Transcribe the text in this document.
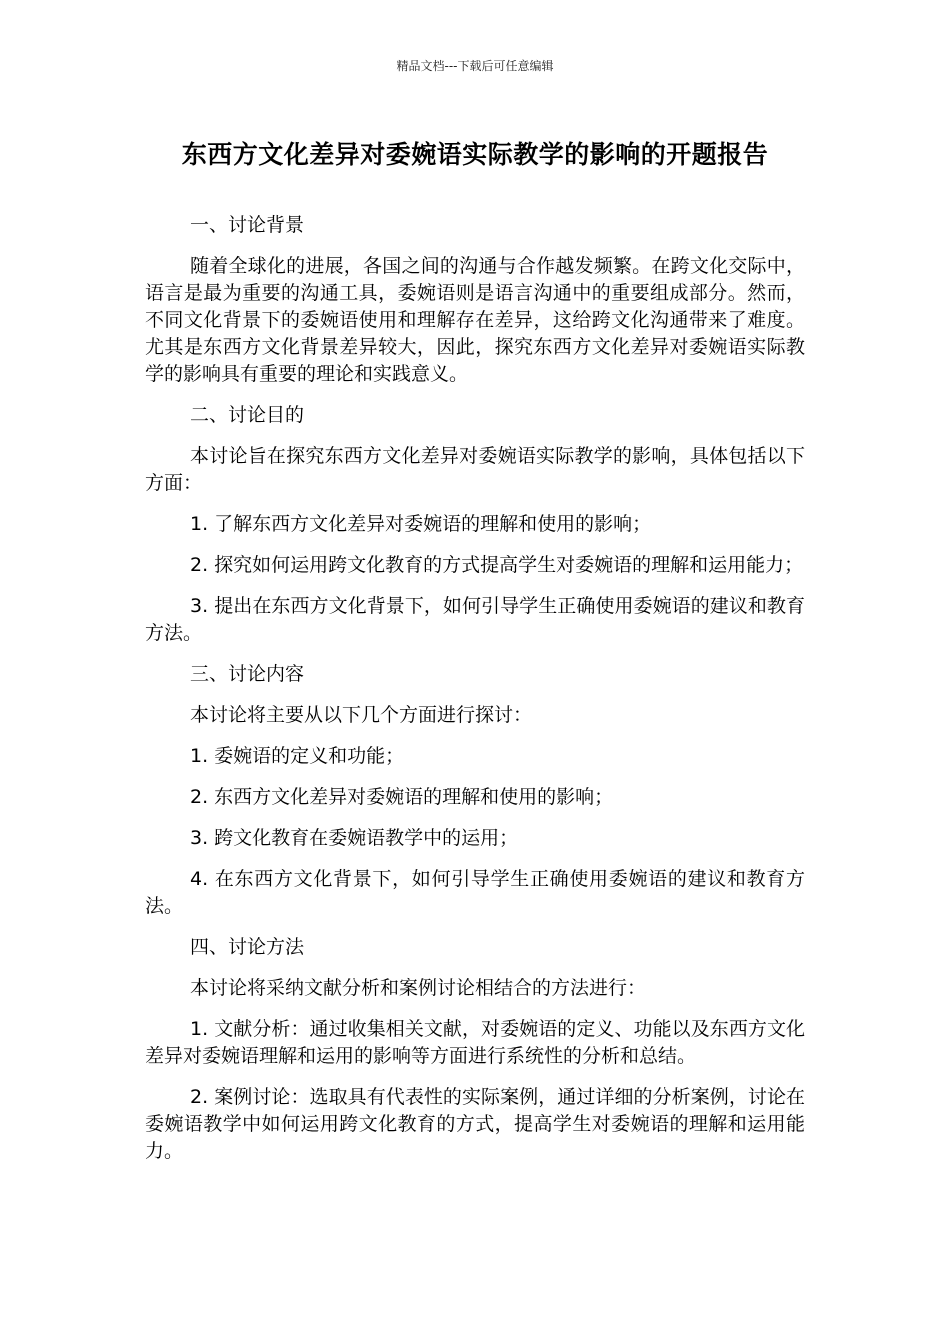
精品文档---下载后可任意编辑
东西方文化差异对委婉语实际教学的影响的开题报告

一、讨论背景

随着全球化的进展，各国之间的沟通与合作越发频繁。在跨文化交际中，语言是最为重要的沟通工具，委婉语则是语言沟通中的重要组成部分。然而，不同文化背景下的委婉语使用和理解存在差异，这给跨文化沟通带来了难度。尤其是东西方文化背景差异较大，因此，探究东西方文化差异对委婉语实际教学的影响具有重要的理论和实践意义。

二、讨论目的

本讨论旨在探究东西方文化差异对委婉语实际教学的影响，具体包括以下方面：

1. 了解东西方文化差异对委婉语的理解和使用的影响；

2. 探究如何运用跨文化教育的方式提高学生对委婉语的理解和运用能力；

3. 提出在东西方文化背景下，如何引导学生正确使用委婉语的建议和教育方法。

三、讨论内容

本讨论将主要从以下几个方面进行探讨：

1. 委婉语的定义和功能；

2. 东西方文化差异对委婉语的理解和使用的影响；

3. 跨文化教育在委婉语教学中的运用；

4. 在东西方文化背景下，如何引导学生正确使用委婉语的建议和教育方法。

四、讨论方法

本讨论将采纳文献分析和案例讨论相结合的方法进行：

1. 文献分析：通过收集相关文献，对委婉语的定义、功能以及东西方文化差异对委婉语理解和运用的影响等方面进行系统性的分析和总结。

2. 案例讨论：选取具有代表性的实际案例，通过详细的分析案例，讨论在委婉语教学中如何运用跨文化教育的方式，提高学生对委婉语的理解和运用能力。
